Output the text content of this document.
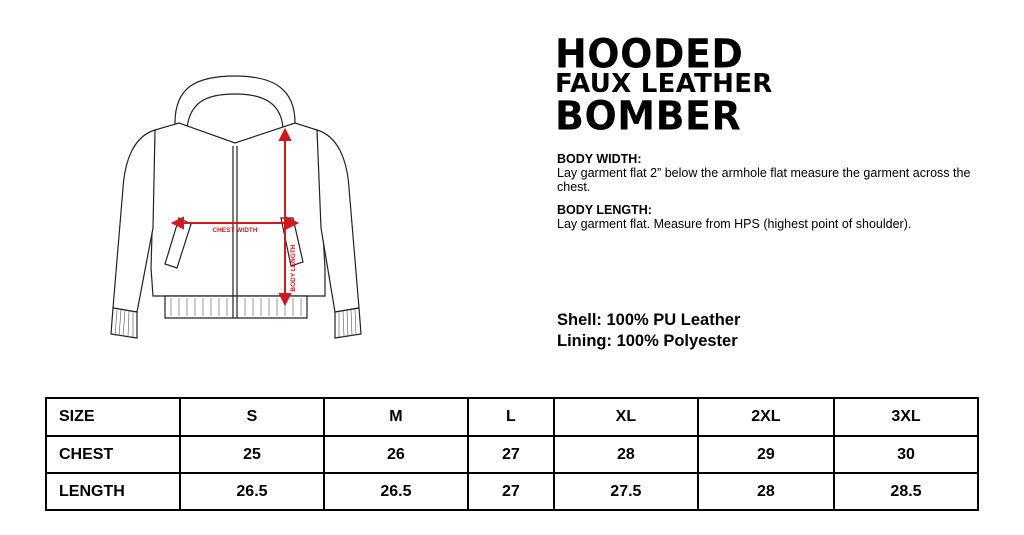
CHEST WIDTH
BODY LENGTH
HOODED
FAUX LEATHER
BOMBER
BODY WIDTH:
Lay garment flat 2” below the armhole flat measure the garment across the chest.
BODY LENGTH:
Lay garment flat. Measure from HPS (highest point of shoulder).
Shell: 100% PU Leather
Lining: 100% Polyester
SIZE	S	M	L	XL	2XL	3XL
CHEST	25	26	27	28	29	30
LENGTH	26.5	26.5	27	27.5	28	28.5
